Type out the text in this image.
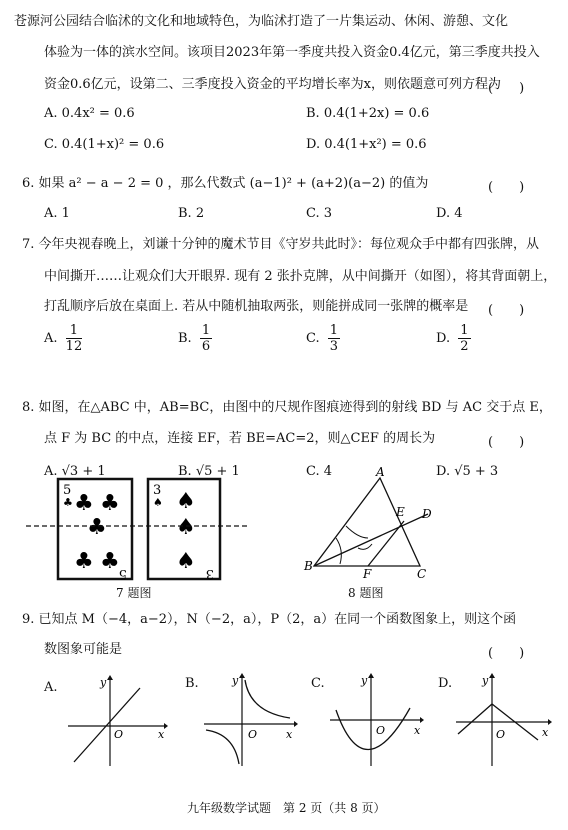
苍源河公园结合临沭的文化和地域特色，为临沭打造了一片集运动、休闲、游憩、文化
体验为一体的滨水空间。该项目2023年第一季度共投入资金0.4亿元，第三季度共投入
资金0.6亿元，设第二、三季度投入资金的平均增长率为x，则依题意可列方程为
(　　)
A. 0.4x² = 0.6	B. 0.4(1+2x) = 0.6
C. 0.4(1+x)² = 0.6	D. 0.4(1+x²) = 0.6
6. 如果 a² − a − 2 = 0 ，那么代数式 (a−1)² + (a+2)(a−2) 的值为	(　　)
A. 1	B. 2	C. 3	D. 4
7. 今年央视春晚上，刘谦十分钟的魔术节目《守岁共此时》：每位观众手中都有四张牌，从
中间撕开……让观众们大开眼界. 现有 2 张扑克牌，从中间撕开（如图），将其背面朝上，
打乱顺序后放在桌面上. 若从中随机抽取两张，则能拼成同一张牌的概率是 (　　)
A. $\frac{1}{12}$	B. $\frac{1}{6}$	C. $\frac{1}{3}$	D. $\frac{1}{2}$
8. 如图，在△ABC 中，AB=BC，由图中的尺规作图痕迹得到的射线 BD 与 AC 交于点 E，
点 F 为 BC 的中点，连接 EF，若 BE=AC=2，则△CEF 的周长为	(　　)
A. √3 + 1	B. √5 + 1	C. 4	D. √5 + 3
5
♣ ♣ ♣
♣
♣ ♣
5
3
♠ ♠
♠
♠ 3
7 题图
A
B
C
D
E
F
8 题图
9. 已知点 M（−4，a−2），N（−2，a），P（2，a）在同一个函数图象上，则这个函
数图象可能是	(　　)
A.	B.	C.	D.
y
x
O
y
x
O
y
x
O
y
x
O
九年级数学试题　第 2 页（共 8 页）
